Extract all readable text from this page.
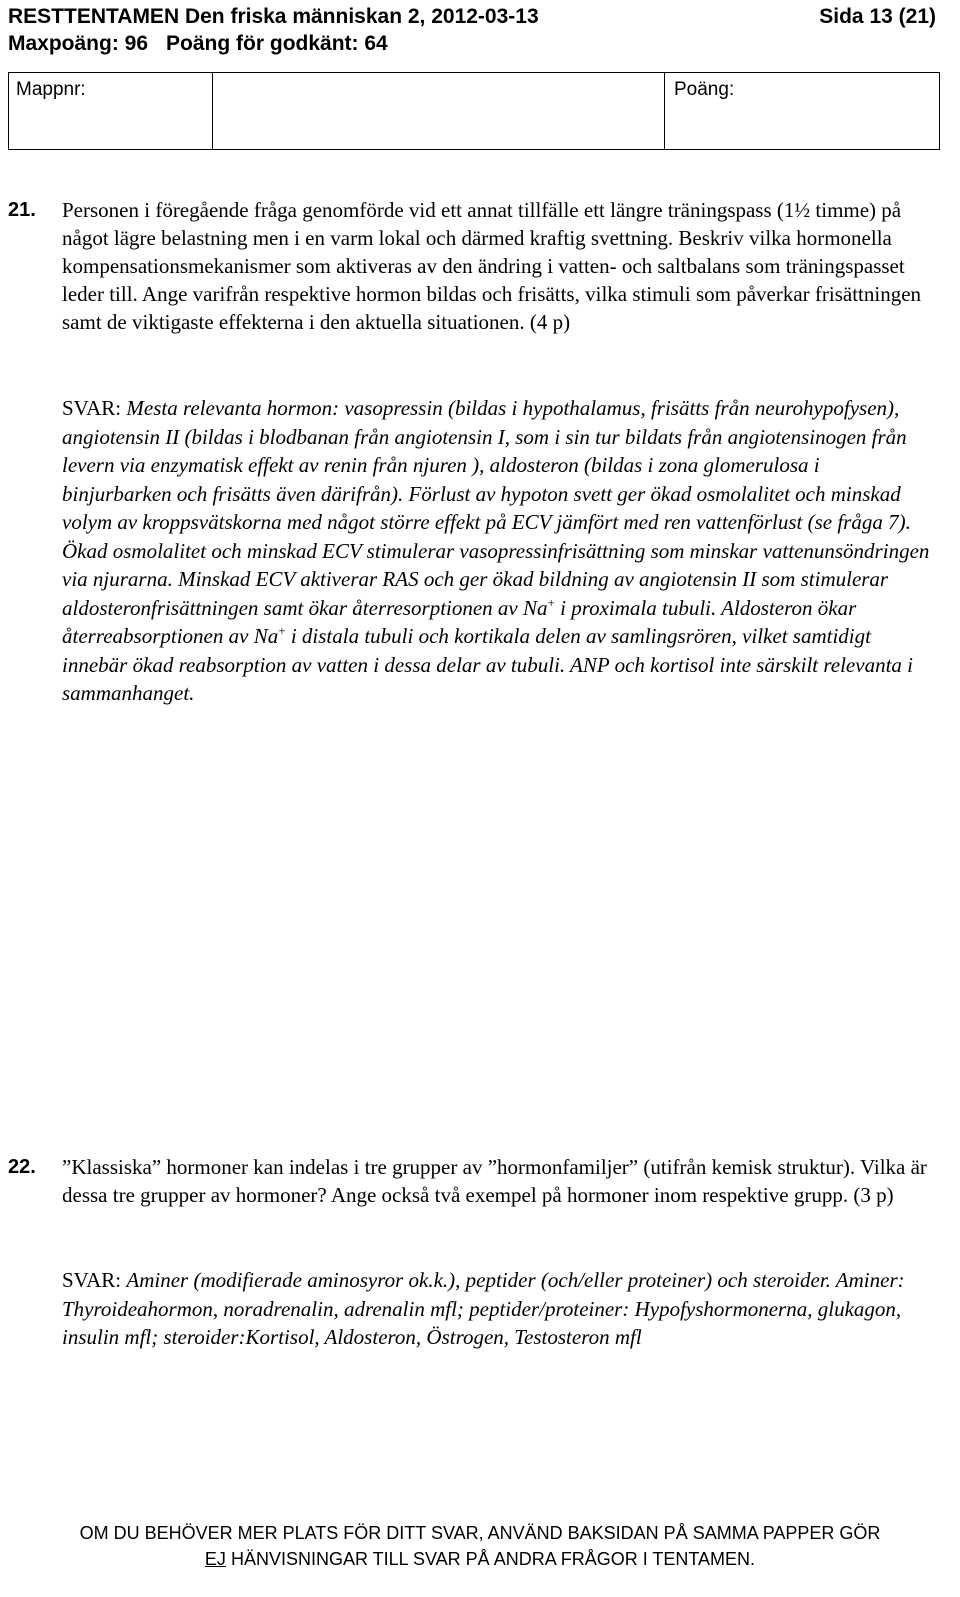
RESTTENTAMEN Den friska människan 2, 2012-03-13	Sida 13 (21)
Maxpoäng: 96 Poäng för godkänt: 64
Mappnr:	Poäng:
21. Personen i föregående fråga genomförde vid ett annat tillfälle ett längre träningspass (1½ timme) på något lägre belastning men i en varm lokal och därmed kraftig svettning. Beskriv vilka hormonella kompensationsmekanismer som aktiveras av den ändring i vatten- och saltbalans som träningspasset leder till. Ange varifrån respektive hormon bildas och frisätts, vilka stimuli som påverkar frisättningen samt de viktigaste effekterna i den aktuella situationen. (4 p)
SVAR: Mesta relevanta hormon: vasopressin (bildas i hypothalamus, frisätts från neurohypofysen), angiotensin II (bildas i blodbanan från angiotensin I, som i sin tur bildats från angiotensinogen från levern via enzymatisk effekt av renin från njuren ), aldosteron (bildas i zona glomerulosa i binjurbarken och frisätts även därifrån). Förlust av hypoton svett ger ökad osmolalitet och minskad volym av kroppsvätskorna med något större effekt på ECV jämfört med ren vattenförlust (se fråga 7). Ökad osmolalitet och minskad ECV stimulerar vasopressinfrisättning som minskar vattenunsöndringen via njurarna. Minskad ECV aktiverar RAS och ger ökad bildning av angiotensin II som stimulerar aldosteronfrisättningen samt ökar återresorptionen av Na+ i proximala tubuli. Aldosteron ökar återreabsorptionen av Na+ i distala tubuli och kortikala delen av samlingsrören, vilket samtidigt innebär ökad reabsorption av vatten i dessa delar av tubuli. ANP och kortisol inte särskilt relevanta i sammanhanget.
22. ”Klassiska” hormoner kan indelas i tre grupper av ”hormonfamiljer” (utifrån kemisk struktur). Vilka är dessa tre grupper av hormoner? Ange också två exempel på hormoner inom respektive grupp. (3 p)
SVAR: Aminer (modifierade aminosyror ok.k.), peptider (och/eller proteiner) och steroider. Aminer: Thyroideahormon, noradrenalin, adrenalin mfl; peptider/proteiner: Hypofyshormonerna, glukagon, insulin mfl; steroider:Kortisol, Aldosteron, Östrogen, Testosteron mfl
OM DU BEHÖVER MER PLATS FÖR DITT SVAR, ANVÄND BAKSIDAN PÅ SAMMA PAPPER GÖR
EJ HÄNVISNINGAR TILL SVAR PÅ ANDRA FRÅGOR I TENTAMEN.
